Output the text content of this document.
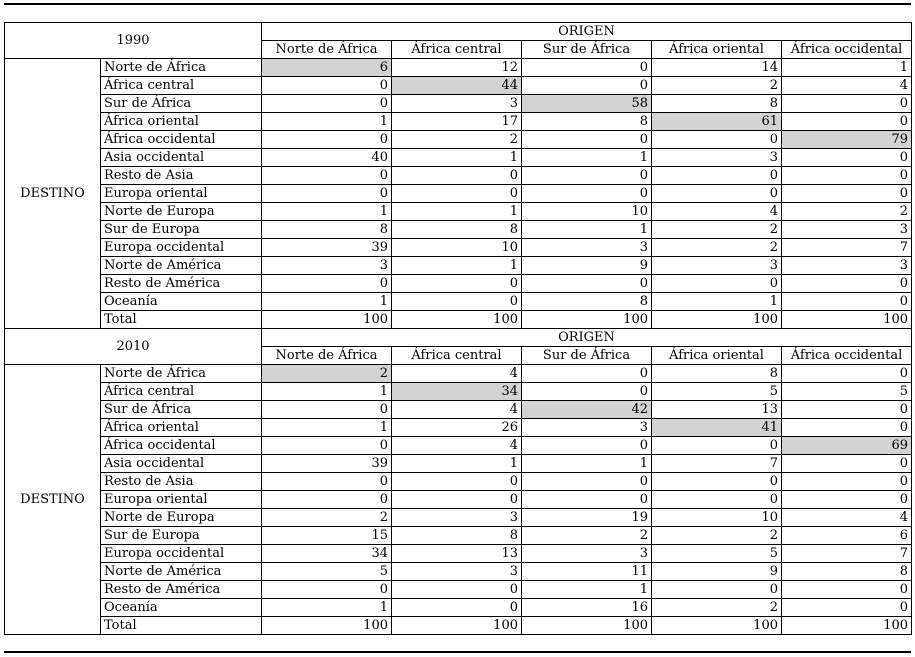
1990		ORIGEN				
		Norte de África	África central	Sur de África	África oriental	África occidental
DESTINO	Norte de África	6	12	0	14	1
	África central	0	44	0	2	4
	Sur de África	0	3	58	8	0
	África oriental	1	17	8	61	0
	África occidental	0	2	0	0	79
	Asia occidental	40	1	1	3	0
	Resto de Asia	0	0	0	0	0
	Europa oriental	0	0	0	0	0
	Norte de Europa	1	1	10	4	2
	Sur de Europa	8	8	1	2	3
	Europa occidental	39	10	3	2	7
	Norte de América	3	1	9	3	3
	Resto de América	0	0	0	0	0
	Oceanía	1	0	8	1	0
	Total	100	100	100	100	100
2010		ORIGEN				
		Norte de África	África central	Sur de África	África oriental	África occidental
DESTINO	Norte de África	2	4	0	8	0
	África central	1	34	0	5	5
	Sur de África	0	4	42	13	0
	África oriental	1	26	3	41	0
	África occidental	0	4	0	0	69
	Asia occidental	39	1	1	7	0
	Resto de Asia	0	0	0	0	0
	Europa oriental	0	0	0	0	0
	Norte de Europa	2	3	19	10	4
	Sur de Europa	15	8	2	2	6
	Europa occidental	34	13	3	5	7
	Norte de América	5	3	11	9	8
	Resto de América	0	0	1	0	0
	Oceanía	1	0	16	2	0
	Total	100	100	100	100	100
